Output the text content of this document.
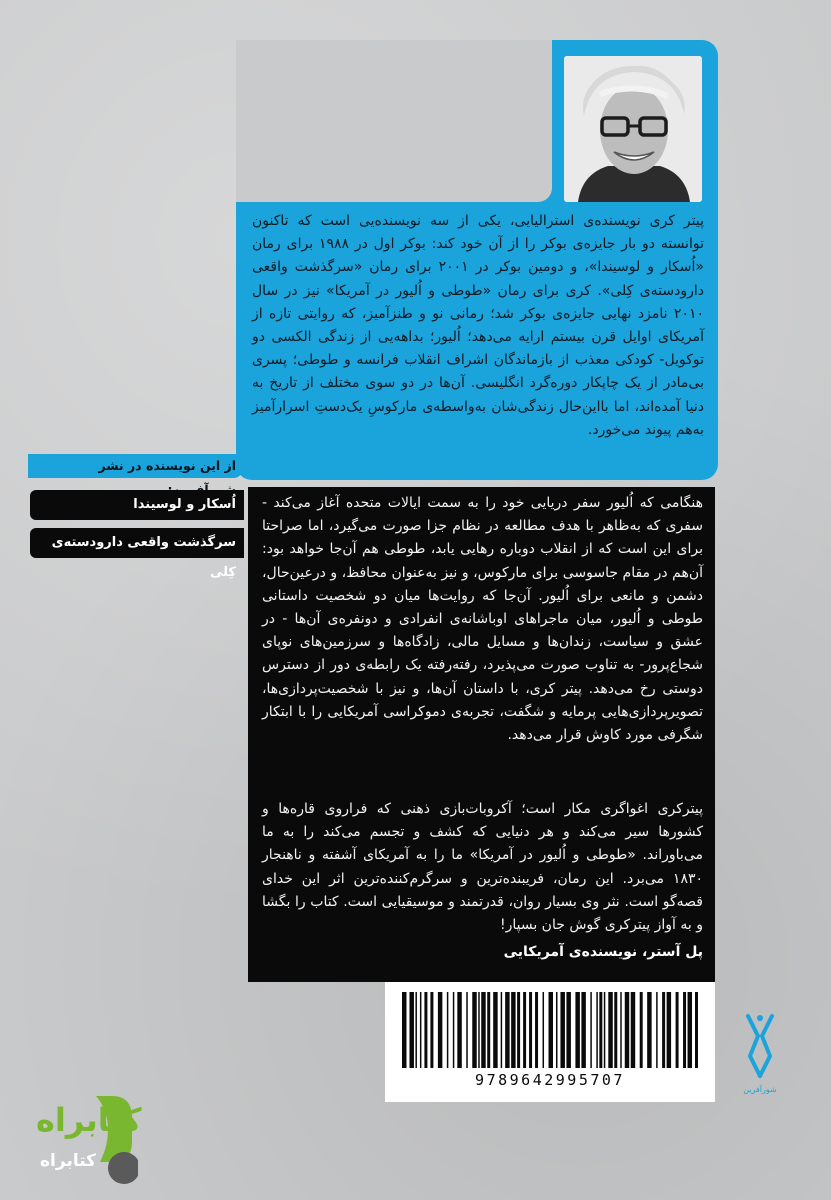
پیتر کری نویسنده‌ی استرالیایی، یکی از سه نویسنده‌یی است که تاکنون توانسته دو بار جایزه‌ی بوکر را از آن خود کند: بوکر اول در ۱۹۸۸ برای رمان «اُسکار و لوسیندا»، و دومین بوکر در ۲۰۰۱ برای رمان «سرگذشت واقعی دارودسته‌ی کِلی». کری برای رمان «طوطی و اُلیور در آمریکا» نیز در سال ۲۰۱۰ نامزد نهایی جایزه‌ی بوکر شد؛ رمانی نو و طنزآمیز، که روایتی تازه از آمریکای اوایل قرن بیستم ارایه می‌دهد؛ اُلیور؛ بداهه‌یی از زندگی الکسی دو توکویل- کودکی معذب از بازماندگان اشراف انقلاب فرانسه و طوطی؛ پسری بی‌مادر از یک چاپکار دوره‌گرد انگلیسی. آن‌ها در دو سوی مختلف از تاریخ به دنیا آمده‌اند، اما بااین‌حال زندگی‌شان به‌واسطه‌ی مارکوسِ یک‌دستِ اسرارآمیز به‌هم پیوند می‌خورد.

از این نویسنده در نشر
اُسکار و لوسیندا
سرگذشت واقعی دارودسته‌ی کِلی

هنگامی که اُلیور سفر دریایی خود را به سمت ایالات متحده آغاز می‌کند - سفری که به‌ظاهر با هدف مطالعه در نظام جزا صورت می‌گیرد، اما صراحتا برای این است که از انقلاب دوباره رهایی یابد، طوطی هم آن‌جا خواهد بود: آن‌هم در مقام جاسوسی برای مارکوس، و نیز به‌عنوان محافظ، و درعین‌حال، دشمن و مانعی برای اُلیور. آن‌جا که روایت‌ها میان دو شخصیت داستانی طوطی و اُلیور، میان ماجراهای اوباشانه‌ی انفرادی و دونفره‌ی آن‌ها - در عشق و سیاست، زندان‌ها و مسایل مالی، زادگاه‌ها و سرزمین‌های نوپای شجاع‌پرور- به تناوب صورت می‌پذیرد، رفته‌رفته یک رابطه‌ی دور از دسترس دوستی رخ می‌دهد. پیتر کری، با داستان آن‌ها، و نیز با شخصیت‌پردازی‌ها، تصویرپردازی‌هایی پرمایه و شگفت، تجربه‌ی دموکراسی آمریکایی را با ابتکار شگرفی مورد کاوش قرار می‌دهد.

پیترکری اغواگری مکار است؛ آکروبات‌بازی ذهنی که فراروی قاره‌ها و کشورها سیر می‌کند و هر دنیایی که کشف و تجسم می‌کند را به ما می‌باوراند. «طوطی و اُلیور در آمریکا» ما را به آمریکای آشفته و ناهنجار ۱۸۳۰ می‌برد. این رمان، فریبنده‌ترین و سرگرم‌کننده‌ترین اثر این خدای قصه‌گو است. نثر وی بسیار روان، قدرتمند و موسیقیایی است. کتاب را بگشا و به آواز پیترکری گوش جان بسپار!

پل آستر، نویسنده‌ی آمریکایی

9789642995707

شورآفرین

کتابراه

کتابراه
